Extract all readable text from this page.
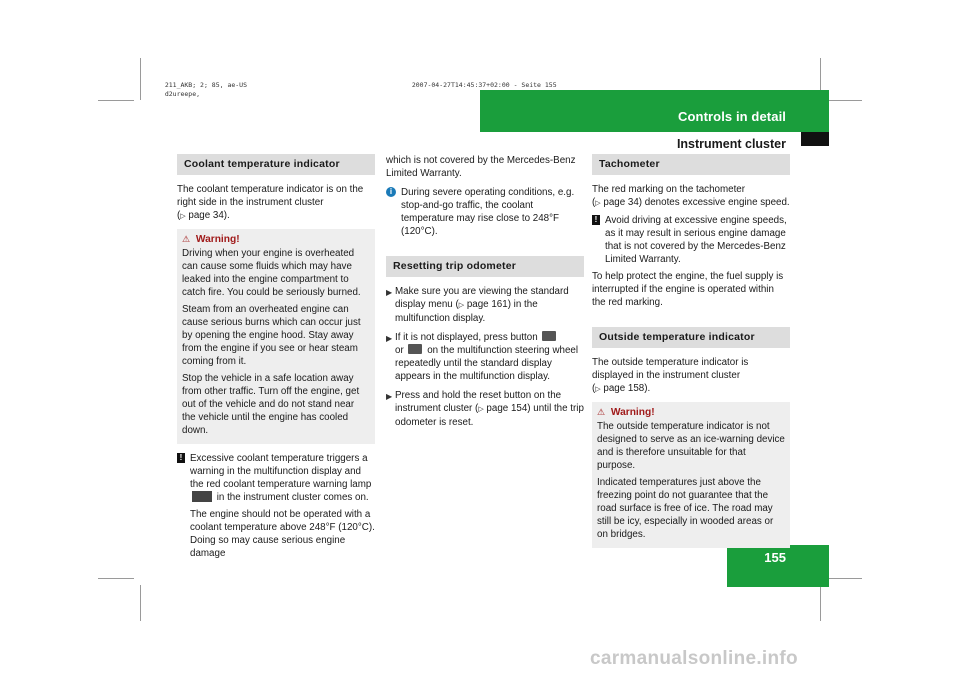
211_AKB; 2; 85, ae-US

d2ureepe,

2007-04-27T14:45:37+02:00 - Seite 155

Controls in detail
Instrument cluster
155
Coolant temperature indicator
The coolant temperature indicator is on the
right side in the instrument cluster
(▷ page 34).
⚠ Warning!
Driving when your engine is overheated can cause some fluids which may have leaked into the engine compartment to catch fire. You could be seriously burned.
Steam from an overheated engine can cause serious burns which can occur just by opening the engine hood. Stay away from the engine if you see or hear steam coming from it.
Stop the vehicle in a safe location away from other traffic. Turn off the engine, get out of the vehicle and do not stand near the vehicle until the engine has cooled down.
! Excessive coolant temperature triggers a warning in the multifunction display and the red coolant temperature warning lamp in the instrument cluster comes on.
The engine should not be operated with a coolant temperature above 248°F (120°C). Doing so may cause serious engine damage
which is not covered by the Mercedes-Benz Limited Warranty.
i During severe operating conditions, e.g. stop-and-go traffic, the coolant temperature may rise close to 248°F (120°C).
Resetting trip odometer
▶ Make sure you are viewing the standard display menu (▷ page 161) in the multifunction display.
▶ If it is not displayed, press button
or on the multifunction steering wheel repeatedly until the standard display appears in the multifunction display.
▶ Press and hold the reset button on the instrument cluster (▷ page 154) until the trip odometer is reset.
Tachometer
The red marking on the tachometer
(▷ page 34) denotes excessive engine speed.
! Avoid driving at excessive engine speeds, as it may result in serious engine damage that is not covered by the Mercedes-Benz Limited Warranty.
To help protect the engine, the fuel supply is interrupted if the engine is operated within the red marking.
Outside temperature indicator
The outside temperature indicator is
displayed in the instrument cluster
(▷ page 158).
⚠ Warning!
The outside temperature indicator is not designed to serve as an ice-warning device and is therefore unsuitable for that purpose.
Indicated temperatures just above the freezing point do not guarantee that the road surface is free of ice. The road may still be icy, especially in wooded areas or on bridges.
carmanualsonline.info
